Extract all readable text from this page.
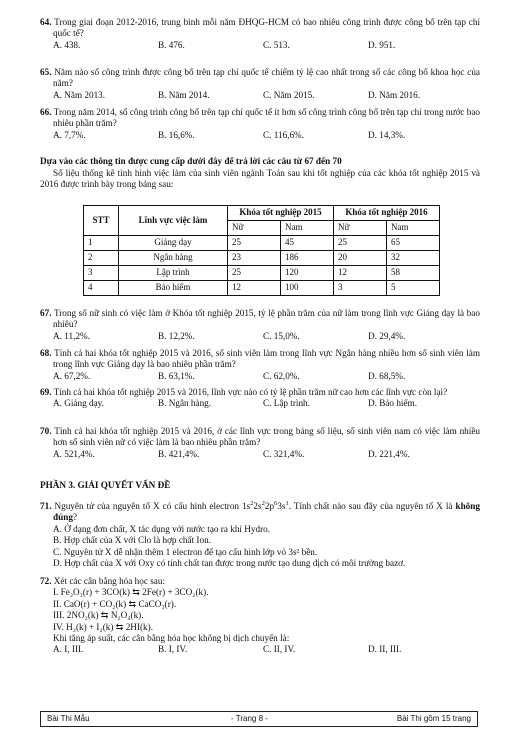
64. Trong giai đoạn 2012-2016, trung bình mỗi năm ĐHQG-HCM có bao nhiêu công trình được công bố trên tạp chí quốc tế?
A. 438.	B. 476.	C. 513.	D. 951.
65. Năm nào số công trình được công bố trên tạp chí quốc tế chiếm tỷ lệ cao nhất trong số các công bố khoa học của năm?
A. Năm 2013.	B. Năm 2014.	C. Năm 2015.	D. Năm 2016.
66. Trong năm 2014, số công trình công bố trên tạp chí quốc tế ít hơn số công trình công bố trên tạp chí trong nước bao nhiêu phần trăm?
A. 7,7%.	B. 16,6%.	C. 116,6%.	D. 14,3%.
Dựa vào các thông tin được cung cấp dưới đây để trả lời các câu từ 67 đến 70
Số liệu thống kê tình hình việc làm của sinh viên ngành Toán sau khi tốt nghiệp của các khóa tốt nghiệp 2015 và 2016 được trình bày trong bảng sau:
STT	Lĩnh vực việc làm	Khóa tốt nghiệp 2015		Khóa tốt nghiệp 2016	
		Nữ	Nam	Nữ	Nam
1	Giảng dạy	25	45	25	65
2	Ngân hàng	23	186	20	32
3	Lập trình	25	120	12	58
4	Bảo hiểm	12	100	3	5
67. Trong số nữ sinh có việc làm ở Khóa tốt nghiệp 2015, tỷ lệ phần trăm của nữ làm trong lĩnh vực Giảng dạy là bao nhiêu?
A. 11,2%.	B. 12,2%.	C. 15,0%.	D. 29,4%.
68. Tính cả hai khóa tốt nghiệp 2015 và 2016, số sinh viên làm trong lĩnh vực Ngân hàng nhiều hơn số sinh viên làm trong lĩnh vực Giảng dạy là bao nhiêu phần trăm?
A. 67,2%.	B. 63,1%.	C. 62,0%.	D. 68,5%.
69. Tính cả hai khóa tốt nghiệp 2015 và 2016, lĩnh vực nào có tỷ lệ phần trăm nữ cao hơn các lĩnh vực còn lại?
A. Giảng dạy.	B. Ngân hàng.	C. Lập trình.	D. Bảo hiểm.
70. Tính cả hai khóa tốt nghiệp 2015 và 2016, ở các lĩnh vực trong bảng số liệu, số sinh viên nam có việc làm nhiều hơn số sinh viên nữ có việc làm là bao nhiêu phần trăm?
A. 521,4%.	B. 421,4%.	C. 321,4%.	D. 221,4%.
PHẦN 3. GIẢI QUYẾT VẤN ĐỀ
71. Nguyên tử của nguyên tố X có cấu hình electron $1s^22s^22p^63s^1$. Tính chất nào sau đây của nguyên tố X là không đúng?
A. Ở dạng đơn chất, X tác dụng với nước tạo ra khí Hydro.
B. Hợp chất của X với Clo là hợp chất Ion.
C. Nguyên tử X dễ nhận thêm 1 electron để tạo cấu hình lớp vỏ 3s² bền.
D. Hợp chất của X với Oxy có tính chất tan được trong nước tạo dung dịch có môi trường bazơ.
72. Xét các cân bằng hóa học sau:
I. Fe₂O₃(r) + 3CO(k) ⇆ 2Fe(r) + 3CO₂(k).
II. CaO(r) + CO₂(k) ⇆ CaCO₃(r).
III. 2NO₂(k) ⇆ N₂O₄(k).
IV. H₂(k) + I₂(k) ⇆ 2HI(k).
Khi tăng áp suất, các cân bằng hóa học không bị dịch chuyển là:
A. I, III.	B. I, IV.	C. II, IV.	D. II, III.
Bài Thi Mẫu	- Trang 8 -	Bài Thi gồm 15 trang
